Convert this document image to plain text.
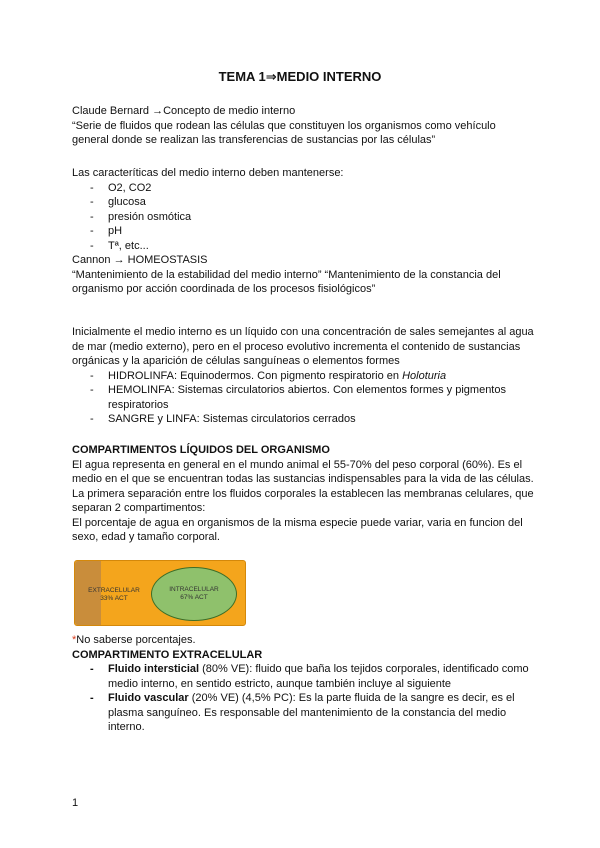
TEMA 1⇒MEDIO INTERNO

Claude Bernard →Concepto de medio interno

“Serie de fluidos que rodean las células que constituyen los organismos como vehículo general donde se realizan las transferencias de sustancias por las células”

Las caracteríticas del medio interno deben mantenerse:

- O2, CO2
- glucosa
- presión osmótica
- pH
- Tª, etc...

Cannon → HOMEOSTASIS

“Mantenimiento de la estabilidad del medio interno” “Mantenimiento de la constancia del organismo por acción coordinada de los procesos fisiológicos”

Inicialmente el medio interno es un líquido con una concentración de sales semejantes al agua de mar (medio externo), pero en el proceso evolutivo incrementa el contenido de sustancias orgánicas y la aparición de células sanguíneas o elementos formes

- HIDROLINFA: Equinodermos. Con pigmento respiratorio en Holoturia
- HEMOLINFA: Sistemas circulatorios abiertos. Con elementos formes y pigmentos respiratorios
- SANGRE y LINFA: Sistemas circulatorios cerrados

COMPARTIMENTOS LÍQUIDOS DEL ORGANISMO

El agua representa en general en el mundo animal el 55-70% del peso corporal (60%). Es el medio en el que se encuentran todas las sustancias indispensables para la vida de las células.

La primera separación entre los fluidos corporales la establecen las membranas celulares, que separan 2 compartimentos:

El porcentaje de agua en organismos de la misma especie puede variar, varia en funcion del sexo, edad y tamaño corporal.

EXTRACELULAR
33% ACT
INTRACELULAR
67% ACT

*No saberse porcentajes.

COMPARTIMENTO EXTRACELULAR

- Fluido intersticial (80% VE): fluido que baña los tejidos corporales, identificado como medio interno, en sentido estricto, aunque también incluye al siguiente
- Fluido vascular (20% VE) (4,5% PC): Es la parte fluida de la sangre es decir, es el plasma sanguíneo. Es responsable del mantenimiento de la constancia del medio interno.
1
